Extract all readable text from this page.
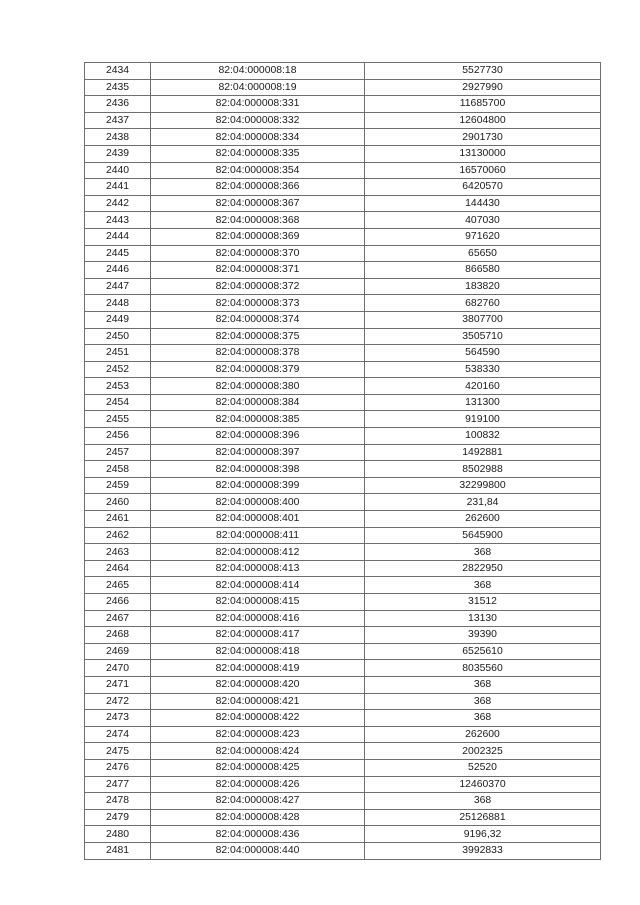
2434	82:04:000008:18	5527730
2435	82:04:000008:19	2927990
2436	82:04:000008:331	11685700
2437	82:04:000008:332	12604800
2438	82:04:000008:334	2901730
2439	82:04:000008:335	13130000
2440	82:04:000008:354	16570060
2441	82:04:000008:366	6420570
2442	82:04:000008:367	144430
2443	82:04:000008:368	407030
2444	82:04:000008:369	971620
2445	82:04:000008:370	65650
2446	82:04:000008:371	866580
2447	82:04:000008:372	183820
2448	82:04:000008:373	682760
2449	82:04:000008:374	3807700
2450	82:04:000008:375	3505710
2451	82:04:000008:378	564590
2452	82:04:000008:379	538330
2453	82:04:000008:380	420160
2454	82:04:000008:384	131300
2455	82:04:000008:385	919100
2456	82:04:000008:396	100832
2457	82:04:000008:397	1492881
2458	82:04:000008:398	8502988
2459	82:04:000008:399	32299800
2460	82:04:000008:400	231,84
2461	82:04:000008:401	262600
2462	82:04:000008:411	5645900
2463	82:04:000008:412	368
2464	82:04:000008:413	2822950
2465	82:04:000008:414	368
2466	82:04:000008:415	31512
2467	82:04:000008:416	13130
2468	82:04:000008:417	39390
2469	82:04:000008:418	6525610
2470	82:04:000008:419	8035560
2471	82:04:000008:420	368
2472	82:04:000008:421	368
2473	82:04:000008:422	368
2474	82:04:000008:423	262600
2475	82:04:000008:424	2002325
2476	82:04:000008:425	52520
2477	82:04:000008:426	12460370
2478	82:04:000008:427	368
2479	82:04:000008:428	25126881
2480	82:04:000008:436	9196,32
2481	82:04:000008:440	3992833
